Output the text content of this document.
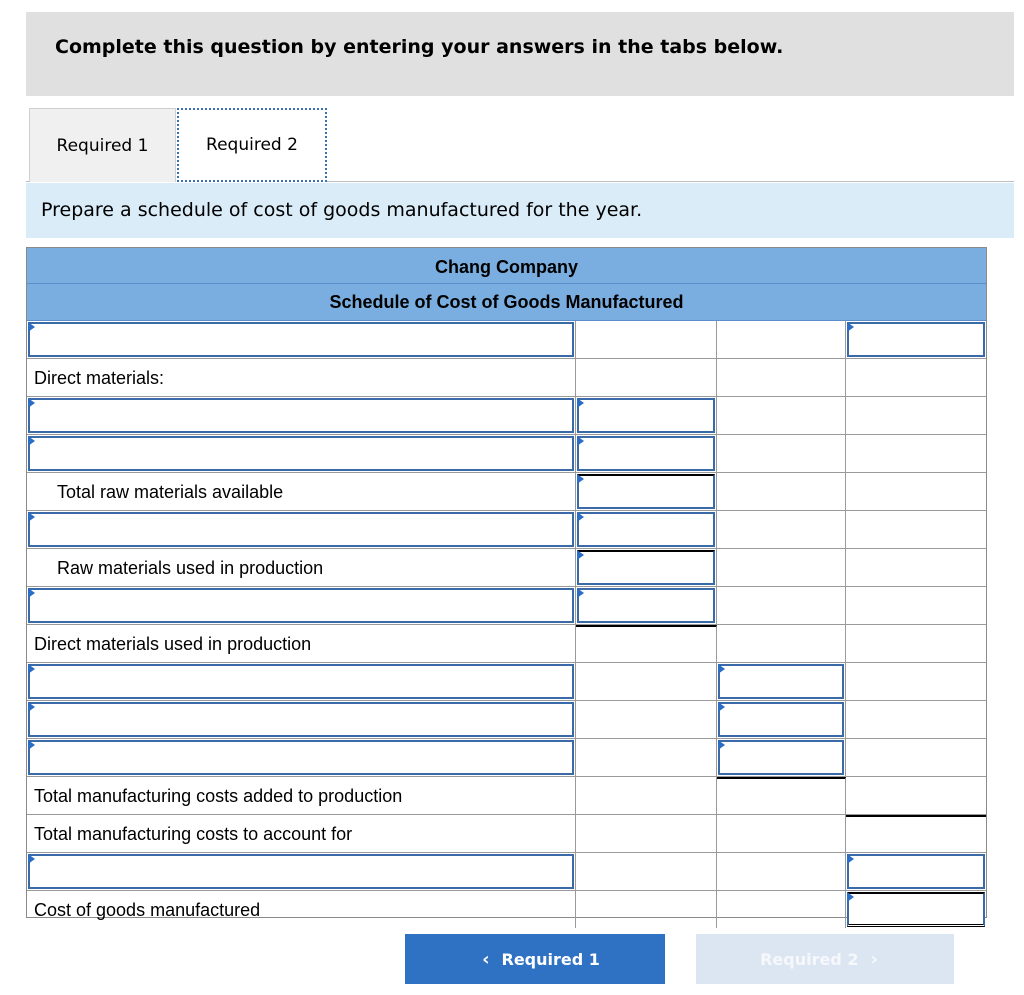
Complete this question by entering your answers in the tabs below.
Required 1	Required 2
Prepare a schedule of cost of goods manufactured for the year.
Chang Company
Schedule of Cost of Goods Manufactured
Direct materials:
Total raw materials available
Raw materials used in production
Direct materials used in production
Total manufacturing costs added to production
Total manufacturing costs to account for
Cost of goods manufactured
‹ Required 1	Required 2 ›
